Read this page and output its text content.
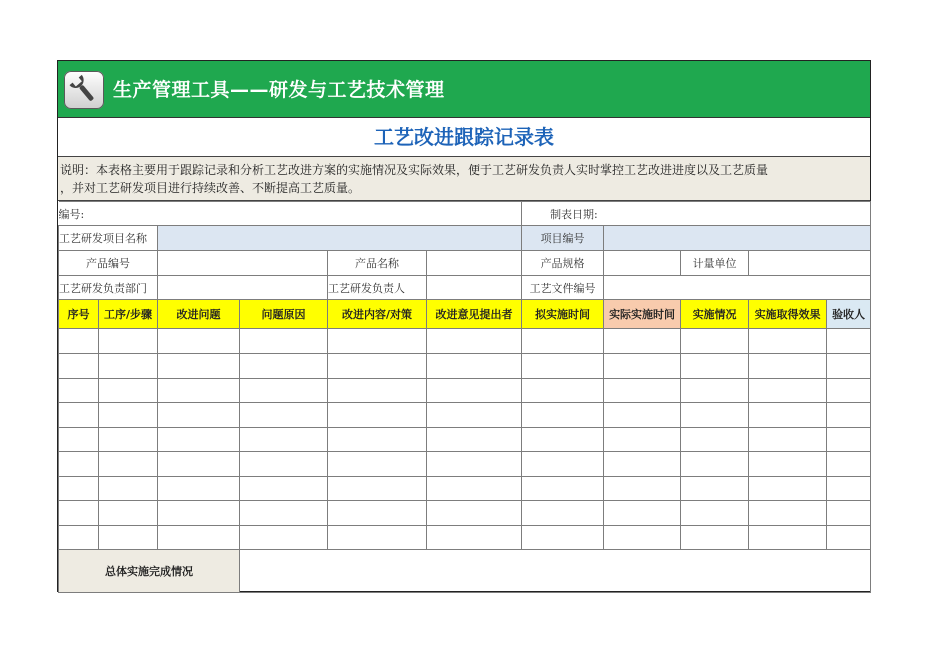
生产管理工具——研发与工艺技术管理
工艺改进跟踪记录表
说明：本表格主要用于跟踪记录和分析工艺改进方案的实施情况及实际效果，便于工艺研发负责人实时掌控工艺改进进度以及工艺质量
，并对工艺研发项目进行持续改善、不断提高工艺质量。
编号:						制表日期:				
工艺研发项目名称						项目编号				
产品编号				产品名称		产品规格		计量单位		
工艺研发负责部门				工艺研发负责人		工艺文件编号				
序号	工序/步骤	改进问题	问题原因	改进内容/对策	改进意见提出者	拟实施时间	实际实施时间	实施情况	实施取得效果	验收人

总体实施完成情况										
